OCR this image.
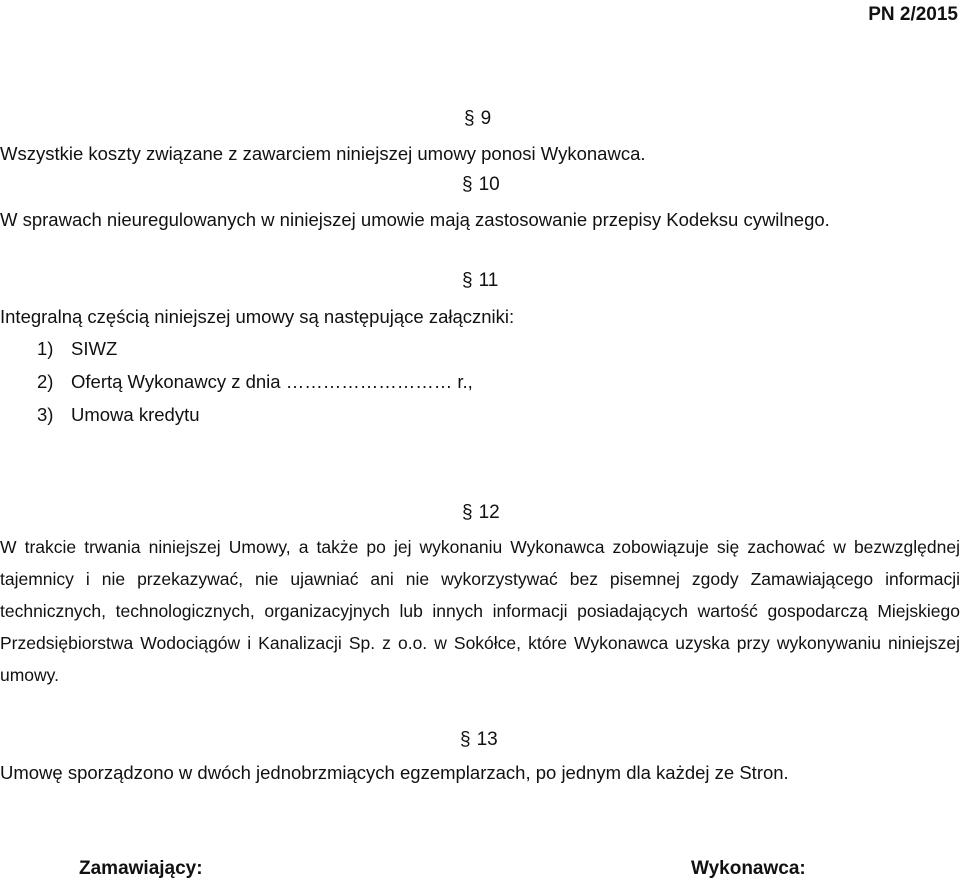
PN 2/2015
§ 9
Wszystkie koszty związane z zawarciem niniejszej umowy ponosi Wykonawca.
§ 10
W sprawach nieuregulowanych w niniejszej umowie mają zastosowanie przepisy Kodeksu cywilnego.
§ 11
Integralną częścią niniejszej umowy są następujące załączniki:
1) SIWZ
2) Ofertą Wykonawcy z dnia ……………………… r.,
3) Umowa kredytu
§ 12
W trakcie trwania niniejszej Umowy, a także po jej wykonaniu Wykonawca zobowiązuje się zachować w bezwzględnej tajemnicy i nie przekazywać, nie ujawniać ani nie wykorzystywać bez pisemnej zgody Zamawiającego informacji technicznych, technologicznych, organizacyjnych lub innych informacji posiadających wartość gospodarczą Miejskiego Przedsiębiorstwa Wodociągów i Kanalizacji Sp. z o.o. w Sokółce, które Wykonawca uzyska przy wykonywaniu niniejszej umowy.
§ 13
Umowę sporządzono w dwóch jednobrzmiących egzemplarzach, po jednym dla każdej ze Stron.
Zamawiający:	Wykonawca:
